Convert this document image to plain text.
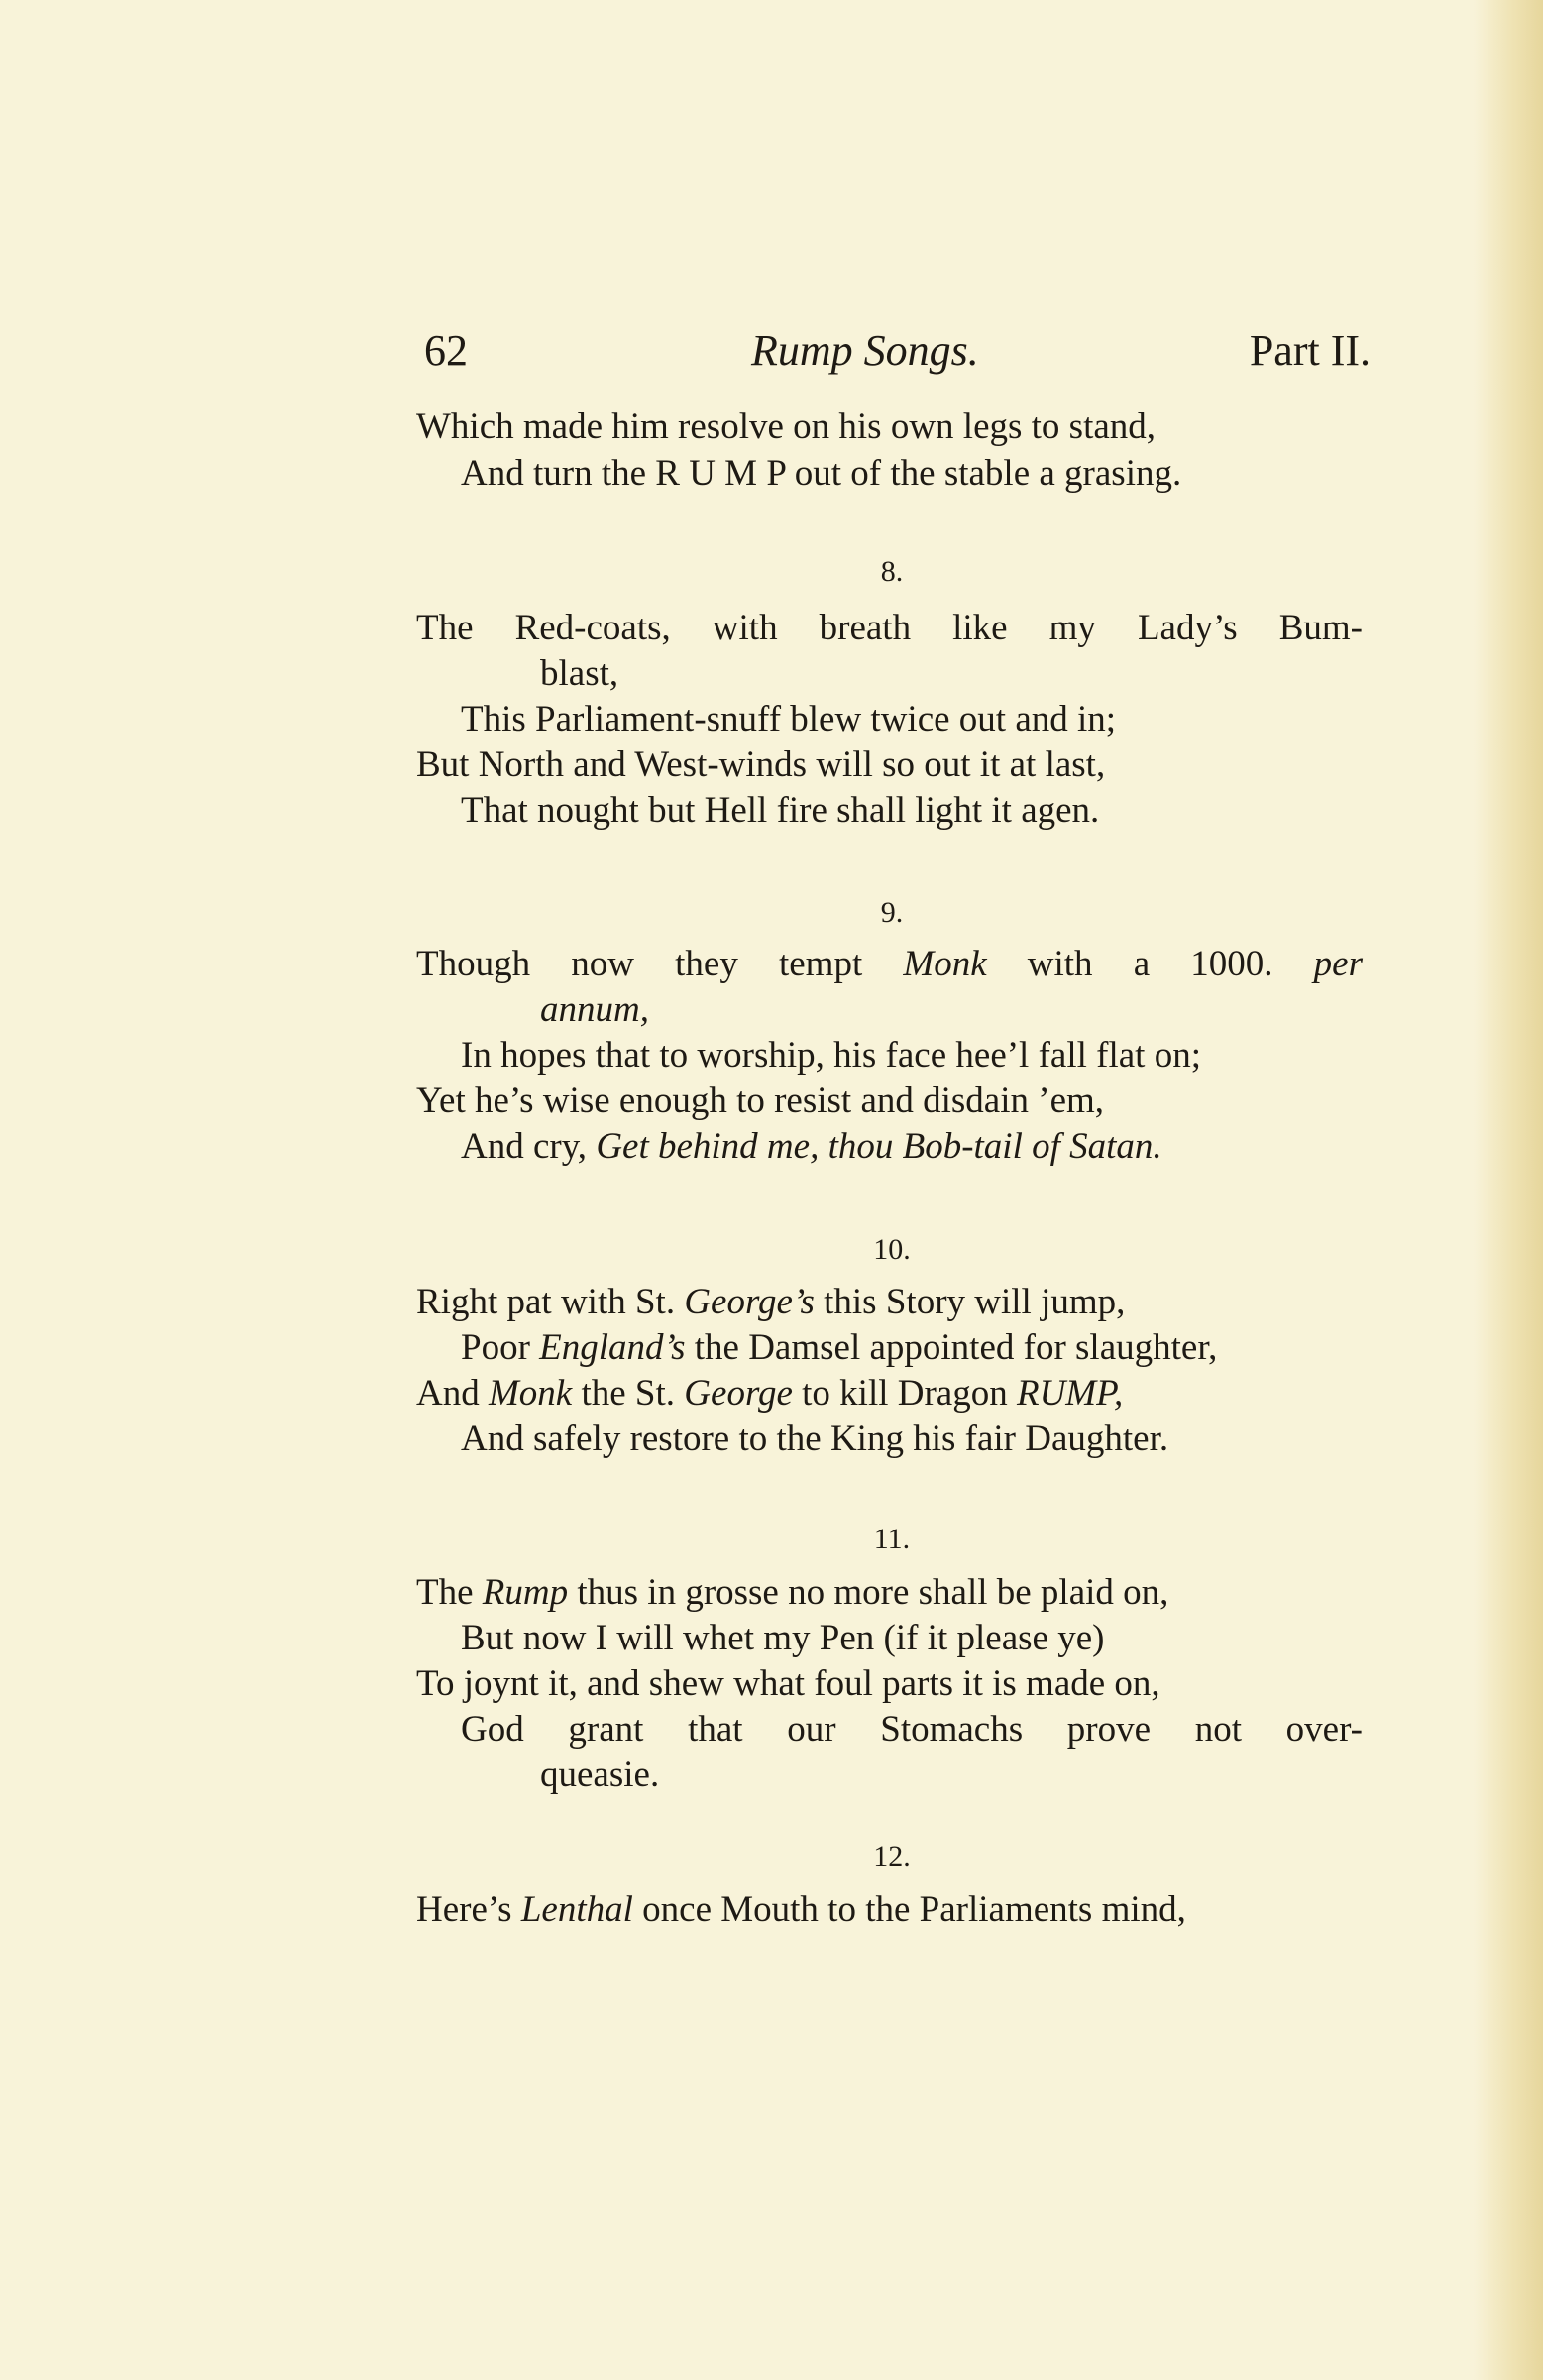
62	Rump Songs.	Part II.
Which made him resolve on his own legs to stand,
And turn the R U M P out of the stable a grasing.
8.
The Red-coats, with breath like my Lady’s Bum-
blast,
This Parliament-snuff blew twice out and in;
But North and West-winds will so out it at last,
That nought but Hell fire shall light it agen.
9.
Though now they tempt Monk with a 1000. per
annum,
In hopes that to worship, his face hee’l fall flat on;
Yet he’s wise enough to resist and disdain ’em,
And cry, Get behind me, thou Bob-tail of Satan.
10.
Right pat with St. George’s this Story will jump,
Poor England’s the Damsel appointed for slaughter,
And Monk the St. George to kill Dragon RUMP,
And safely restore to the King his fair Daughter.
11.
The Rump thus in grosse no more shall be plaid on,
But now I will whet my Pen (if it please ye)
To joynt it, and shew what foul parts it is made on,
God grant that our Stomachs prove not over-
queasie.
12.
Here’s Lenthal once Mouth to the Parliaments mind,
